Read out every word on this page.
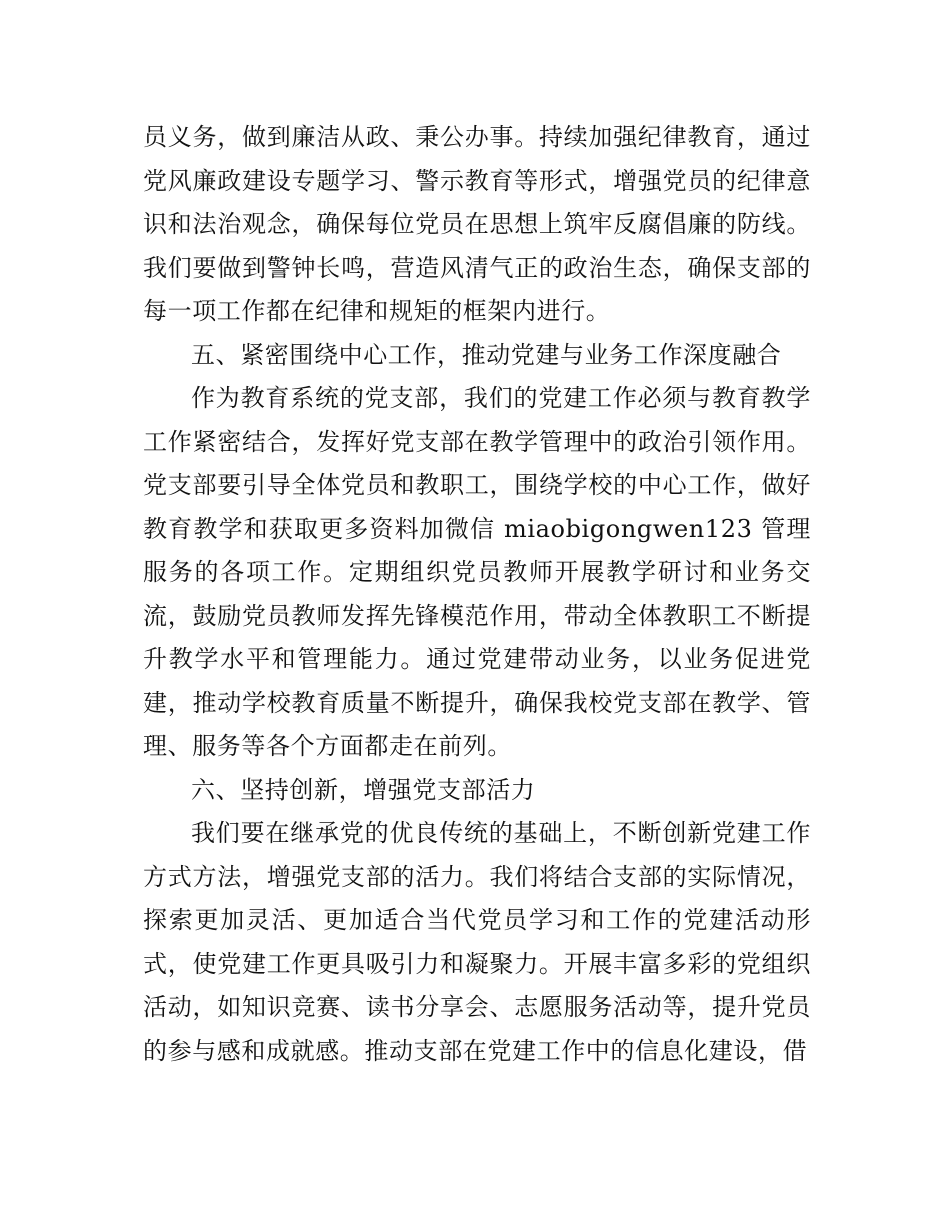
员义务，做到廉洁从政、秉公办事。持续加强纪律教育，通过党风廉政建设专题学习、警示教育等形式，增强党员的纪律意识和法治观念，确保每位党员在思想上筑牢反腐倡廉的防线。我们要做到警钟长鸣，营造风清气正的政治生态，确保支部的每一项工作都在纪律和规矩的框架内进行。

五、紧密围绕中心工作，推动党建与业务工作深度融合

作为教育系统的党支部，我们的党建工作必须与教育教学工作紧密结合，发挥好党支部在教学管理中的政治引领作用。党支部要引导全体党员和教职工，围绕学校的中心工作，做好教育教学和获取更多资料加微信 miaobigongwen123 管理服务的各项工作。定期组织党员教师开展教学研讨和业务交流，鼓励党员教师发挥先锋模范作用，带动全体教职工不断提升教学水平和管理能力。通过党建带动业务，以业务促进党建，推动学校教育质量不断提升，确保我校党支部在教学、管理、服务等各个方面都走在前列。

六、坚持创新，增强党支部活力

我们要在继承党的优良传统的基础上，不断创新党建工作方式方法，增强党支部的活力。我们将结合支部的实际情况，探索更加灵活、更加适合当代党员学习和工作的党建活动形式，使党建工作更具吸引力和凝聚力。开展丰富多彩的党组织活动，如知识竞赛、读书分享会、志愿服务活动等，提升党员的参与感和成就感。推动支部在党建工作中的信息化建设，借
